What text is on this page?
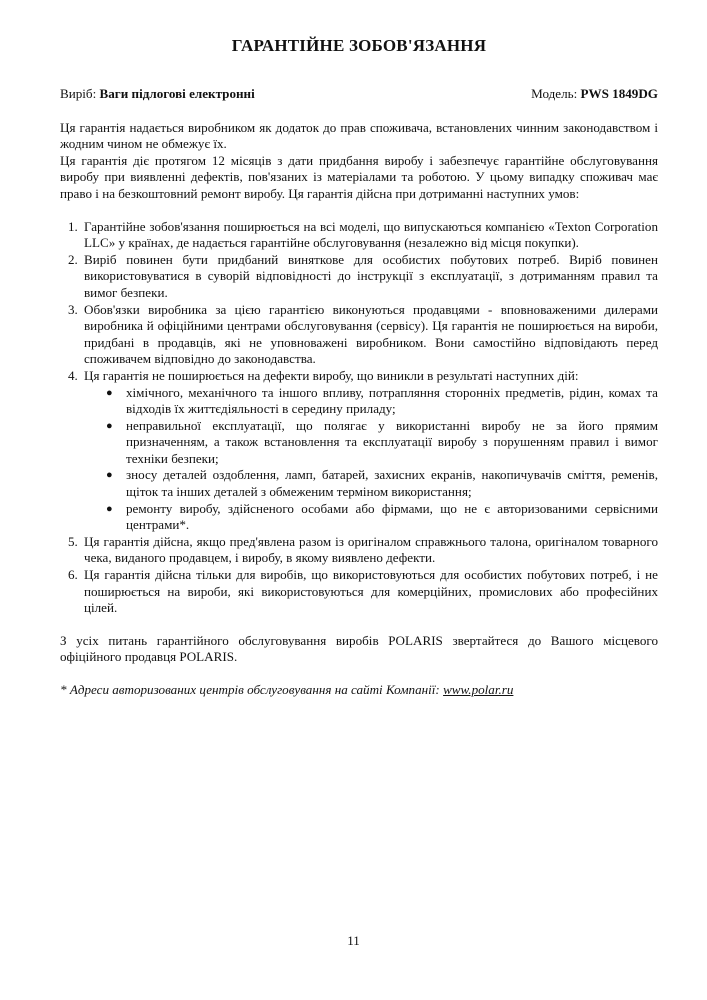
ГАРАНТІЙНЕ ЗОБОВ'ЯЗАННЯ
Виріб: Ваги підлогові електронні	Модель: PWS 1849DG

Ця гарантія надається виробником як додаток до прав споживача, встановлених чинним законодавством і жодним чином не обмежує їх.

Ця гарантія діє протягом 12 місяців з дати придбання виробу і забезпечує гарантійне обслуговування виробу при виявленні дефектів, пов'язаних із матеріалами та роботою. У цьому випадку споживач має право і на безкоштовний ремонт виробу. Ця гарантія дійсна при дотриманні наступних умов:

1. Гарантійне зобов'язання поширюється на всі моделі, що випускаються компанією «Texton Corporation LLC» у країнах, де надається гарантійне обслуговування (незалежно від місця покупки).
2. Виріб повинен бути придбаний виняткове для особистих побутових потреб. Виріб повинен використовуватися в суворій відповідності до інструкції з експлуатації, з дотриманням правил та вимог безпеки.
3. Обов'язки виробника за цією гарантією виконуються продавцями - вповноваженими дилерами виробника й офіційними центрами обслуговування (сервісу). Ця гарантія не поширюється на вироби, придбані в продавців, які не уповноважені виробником. Вони самостійно відповідають перед споживачем відповідно до законодавства.
4. Ця гарантія не поширюється на дефекти виробу, що виникли в результаті наступних дій:
● хімічного, механічного та іншого впливу, потрапляння сторонніх предметів, рідин, комах та відходів їх життєдіяльності в середину приладу;
● неправильної експлуатації, що полягає у використанні виробу не за його прямим призначенням, а також встановлення та експлуатації виробу з порушенням правил і вимог техніки безпеки;
● зносу деталей оздоблення, ламп, батарей, захисних екранів, накопичувачів сміття, ременів, щіток та інших деталей з обмеженим терміном використання;
● ремонту виробу, здійсненого особами або фірмами, що не є авторизованими сервісними центрами*.
5. Ця гарантія дійсна, якщо пред'явлена разом із оригіналом справжнього талона, оригіналом товарного чека, виданого продавцем, і виробу, в якому виявлено дефекти.
6. Ця гарантія дійсна тільки для виробів, що використовуються для особистих побутових потреб, і не поширюється на вироби, які використовуються для комерційних, промислових або професійних цілей.

З усіх питань гарантійного обслуговування виробів POLARIS звертайтеся до Вашого місцевого офіційного продавця POLARIS.

* Адреси авторизованих центрів обслуговування на сайті Компанії: www.polar.ru

11
